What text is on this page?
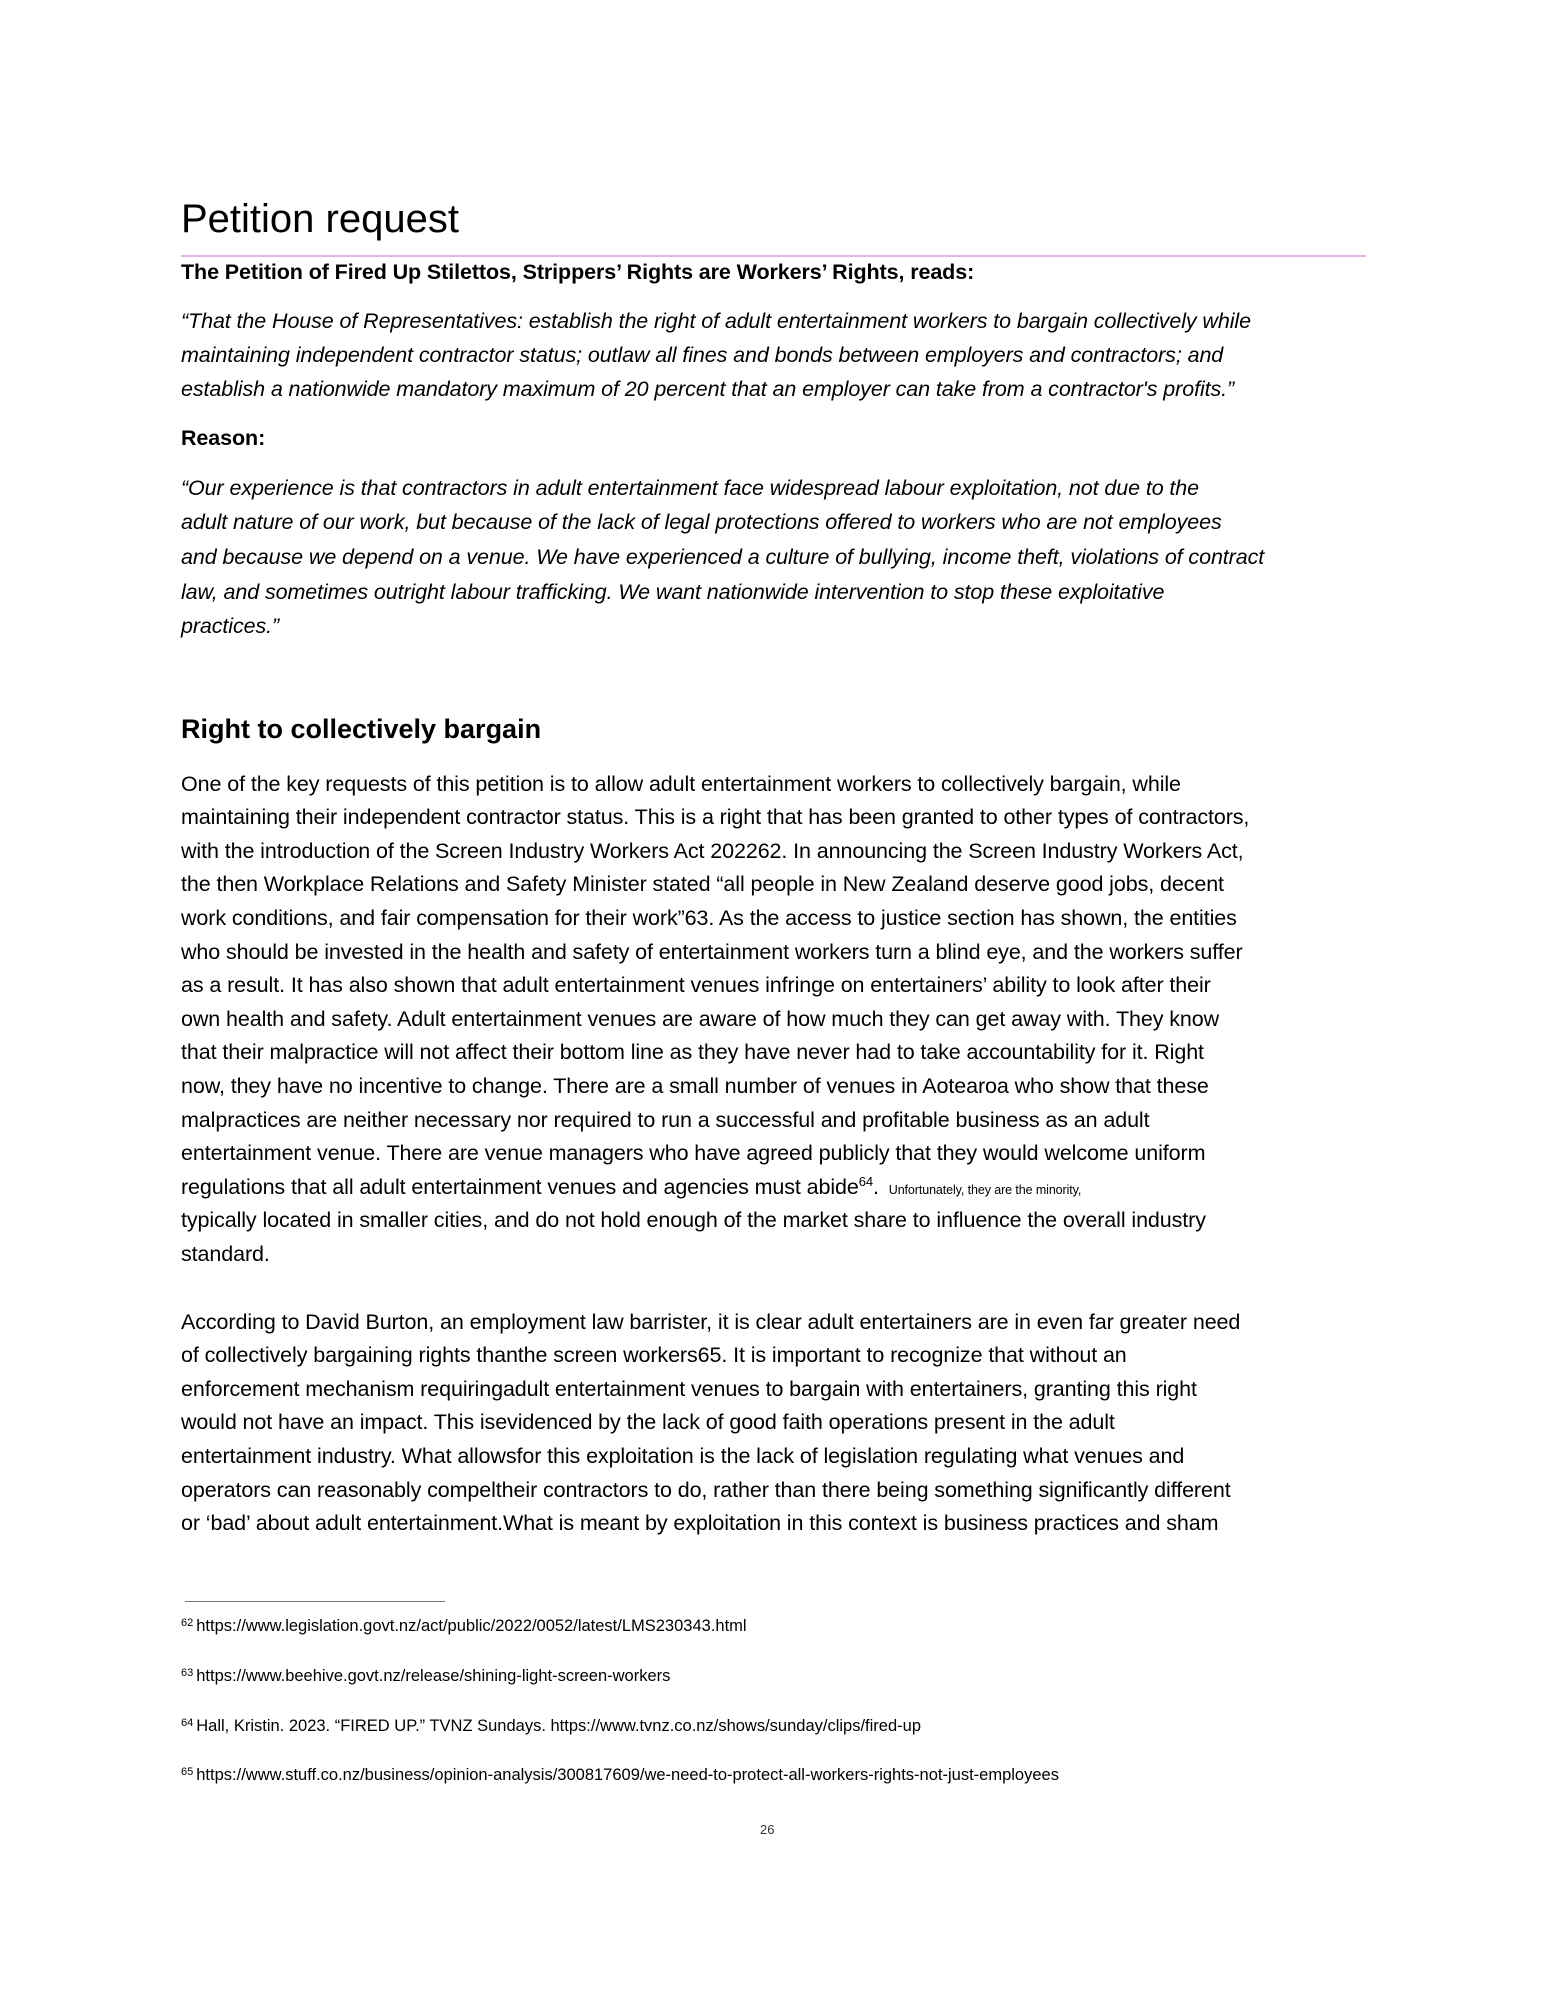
Petition request
The Petition of Fired Up Stilettos, Strippers’ Rights are Workers’ Rights, reads:
“That the House of Representatives: establish the right of adult entertainment workers to bargain collectively while
maintaining independent contractor status; outlaw all fines and bonds between employers and contractors; and
establish a nationwide mandatory maximum of 20 percent that an employer can take from a contractor's profits.”
Reason:
“Our experience is that contractors in adult entertainment face widespread labour exploitation, not due to the
adult nature of our work, but because of the lack of legal protections offered to workers who are not employees
and because we depend on a venue. We have experienced a culture of bullying, income theft, violations of contract
law, and sometimes outright labour trafficking. We want nationwide intervention to stop these exploitative
practices.”
Right to collectively bargain
One of the key requests of this petition is to allow adult entertainment workers to collectively bargain, while
maintaining their independent contractor status. This is a right that has been granted to other types of contractors,
with the introduction of the Screen Industry Workers Act 202262. In announcing the Screen Industry Workers Act,
the then Workplace Relations and Safety Minister stated “all people in New Zealand deserve good jobs, decent
work conditions, and fair compensation for their work”63. As the access to justice section has shown, the entities
who should be invested in the health and safety of entertainment workers turn a blind eye, and the workers suffer
as a result. It has also shown that adult entertainment venues infringe on entertainers’ ability to look after their
own health and safety. Adult entertainment venues are aware of how much they can get away with. They know
that their malpractice will not affect their bottom line as they have never had to take accountability for it. Right
now, they have no incentive to change. There are a small number of venues in Aotearoa who show that these
malpractices are neither necessary nor required to run a successful and profitable business as an adult
entertainment venue. There are venue managers who have agreed publicly that they would welcome uniform
regulations that all adult entertainment venues and agencies must abide$^{64}$. Unfortunately, they are the minority,
typically located in smaller cities, and do not hold enough of the market share to influence the overall industry
standard.
According to David Burton, an employment law barrister, it is clear adult entertainers are in even far greater need
of collectively bargaining rights thanthe screen workers65. It is important to recognize that without an
enforcement mechanism requiringadult entertainment venues to bargain with entertainers, granting this right
would not have an impact. This isevidenced by the lack of good faith operations present in the adult
entertainment industry. What allowsfor this exploitation is the lack of legislation regulating what venues and
operators can reasonably compeltheir contractors to do, rather than there being something significantly different
or ‘bad’ about adult entertainment.What is meant by exploitation in this context is business practices and sham
$^{62}$ https://www.legislation.govt.nz/act/public/2022/0052/latest/LMS230343.html
$^{63}$ https://www.beehive.govt.nz/release/shining-light-screen-workers
$^{64}$ Hall, Kristin. 2023. “FIRED UP.” TVNZ Sundays. https://www.tvnz.co.nz/shows/sunday/clips/fired-up
$^{65}$ https://www.stuff.co.nz/business/opinion-analysis/300817609/we-need-to-protect-all-workers-rights-not-just-employees
26
